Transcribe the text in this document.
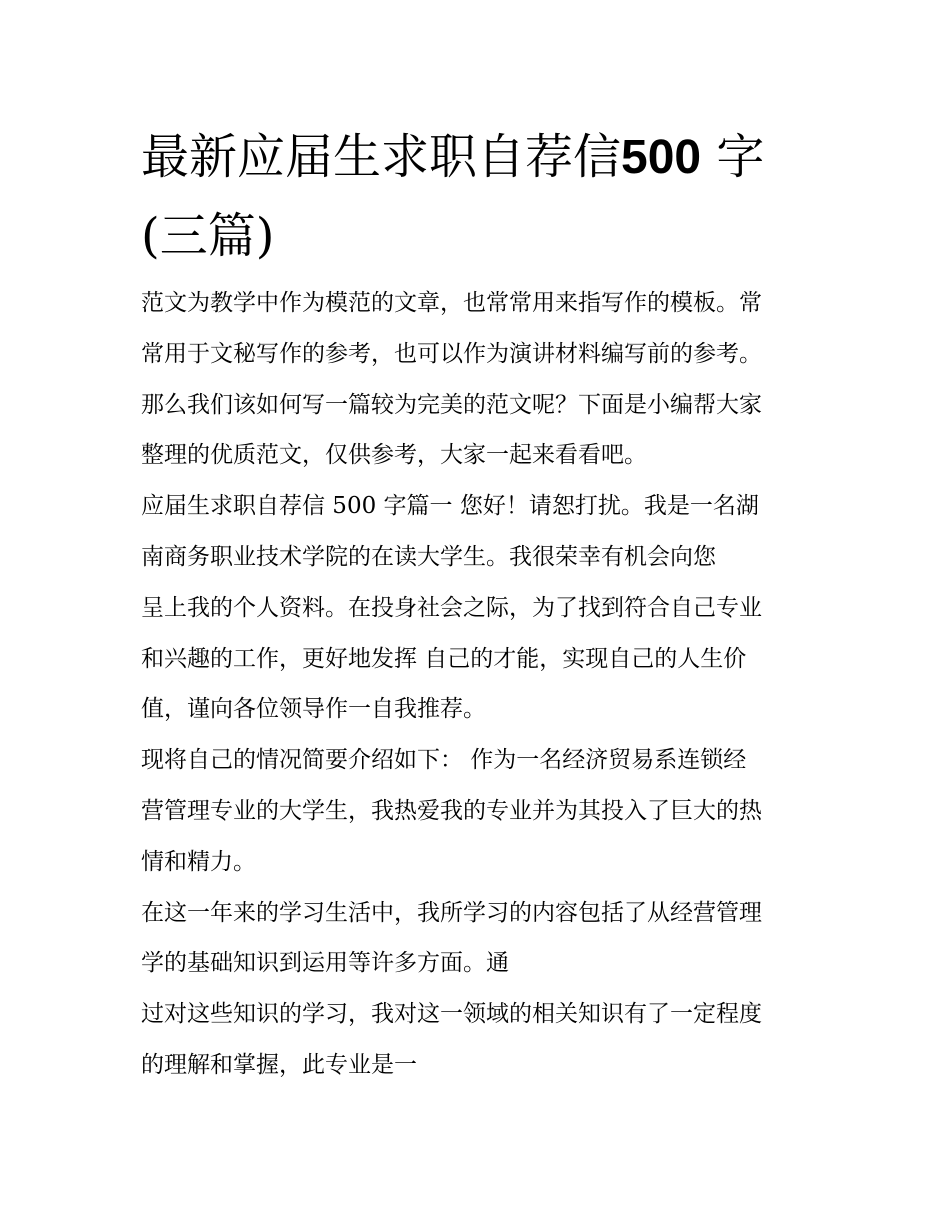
最新应届生求职自荐信500 字
(三篇)
范文为教学中作为模范的文章，也常常用来指写作的模板。常
常用于文秘写作的参考，也可以作为演讲材料编写前的参考。
那么我们该如何写一篇较为完美的范文呢？下面是小编帮大家
整理的优质范文，仅供参考，大家一起来看看吧。
应届生求职自荐信 500 字篇一 您好！请恕打扰。我是一名湖
南商务职业技术学院的在读大学生。我很荣幸有机会向您
呈上我的个人资料。在投身社会之际，为了找到符合自己专业
和兴趣的工作，更好地发挥 自己的才能，实现自己的人生价
值，谨向各位领导作一自我推荐。
现将自己的情况简要介绍如下： 作为一名经济贸易系连锁经
营管理专业的大学生，我热爱我的专业并为其投入了巨大的热
情和精力。
在这一年来的学习生活中，我所学习的内容包括了从经营管理
学的基础知识到运用等许多方面。通
过对这些知识的学习，我对这一领域的相关知识有了一定程度
的理解和掌握，此专业是一
